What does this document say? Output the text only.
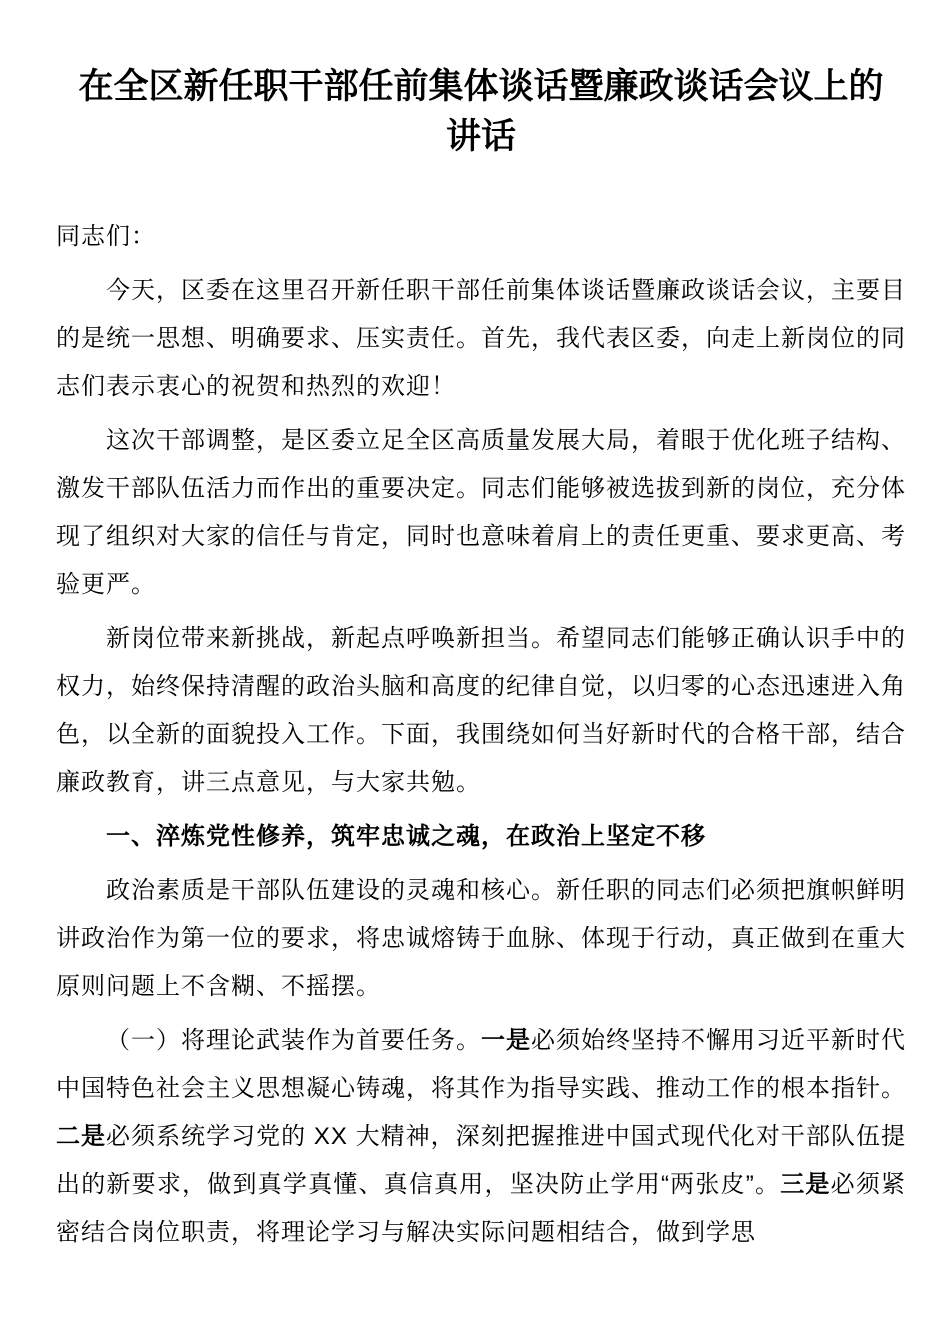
在全区新任职干部任前集体谈话暨廉政谈话会议上的讲话

同志们：

今天，区委在这里召开新任职干部任前集体谈话暨廉政谈话会议，主要目的是统一思想、明确要求、压实责任。首先，我代表区委，向走上新岗位的同志们表示衷心的祝贺和热烈的欢迎！

这次干部调整，是区委立足全区高质量发展大局，着眼于优化班子结构、激发干部队伍活力而作出的重要决定。同志们能够被选拔到新的岗位，充分体现了组织对大家的信任与肯定，同时也意味着肩上的责任更重、要求更高、考验更严。

新岗位带来新挑战，新起点呼唤新担当。希望同志们能够正确认识手中的权力，始终保持清醒的政治头脑和高度的纪律自觉，以归零的心态迅速进入角色，以全新的面貌投入工作。下面，我围绕如何当好新时代的合格干部，结合廉政教育，讲三点意见，与大家共勉。

一、淬炼党性修养，筑牢忠诚之魂，在政治上坚定不移

政治素质是干部队伍建设的灵魂和核心。新任职的同志们必须把旗帜鲜明讲政治作为第一位的要求，将忠诚熔铸于血脉、体现于行动，真正做到在重大原则问题上不含糊、不摇摆。

（一）将理论武装作为首要任务。一是必须始终坚持不懈用习近平新时代中国特色社会主义思想凝心铸魂，将其作为指导实践、推动工作的根本指针。二是必须系统学习党的 XX 大精神，深刻把握推进中国式现代化对干部队伍提出的新要求，做到真学真懂、真信真用，坚决防止学用“两张皮”。三是必须紧密结合岗位职责，将理论学习与解决实际问题相结合，做到学思
